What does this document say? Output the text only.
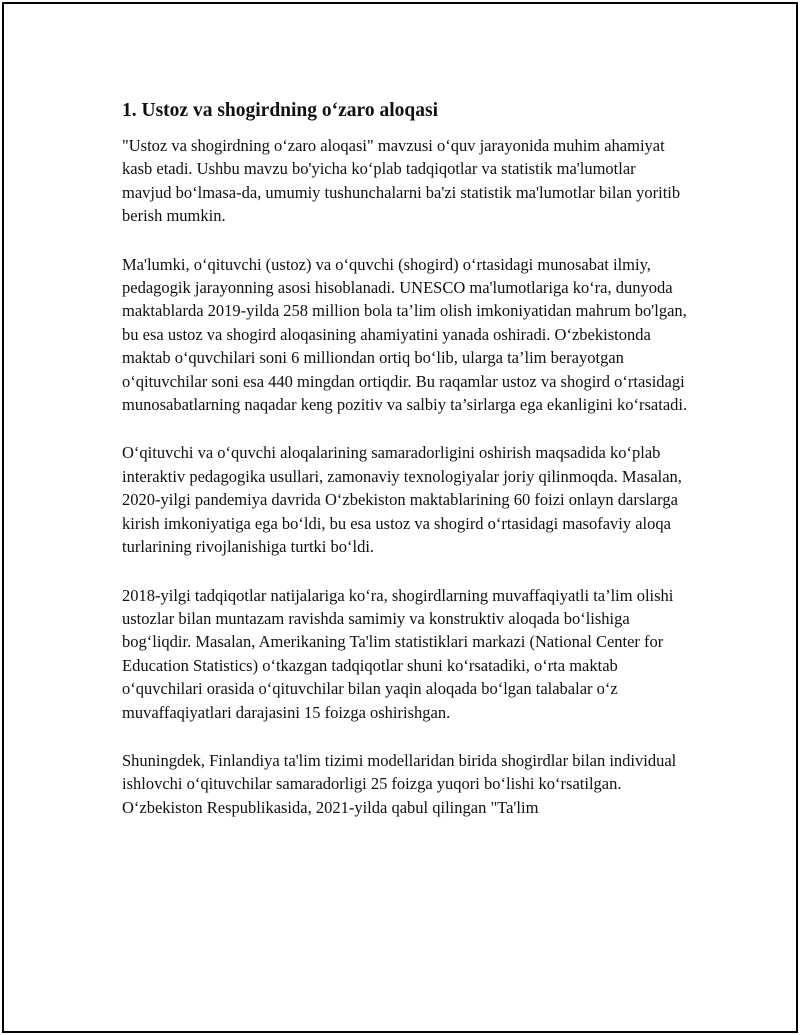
1. Ustoz va shogirdning o‘zaro aloqasi

"Ustoz va shogirdning o‘zaro aloqasi" mavzusi o‘quv jarayonida muhim ahamiyat kasb etadi. Ushbu mavzu bo'yicha ko‘plab tadqiqotlar va statistik ma'lumotlar mavjud bo‘lmasa-da, umumiy tushunchalarni ba'zi statistik ma'lumotlar bilan yoritib berish mumkin.

Ma'lumki, o‘qituvchi (ustoz) va o‘quvchi (shogird) o‘rtasidagi munosabat ilmiy, pedagogik jarayonning asosi hisoblanadi. UNESCO ma'lumotlariga ko‘ra, dunyoda maktablarda 2019-yilda 258 million bola ta’lim olish imkoniyatidan mahrum bo'lgan, bu esa ustoz va shogird aloqasining ahamiyatini yanada oshiradi. O‘zbekistonda maktab o‘quvchilari soni 6 milliondan ortiq bo‘lib, ularga ta’lim berayotgan o‘qituvchilar soni esa 440 mingdan ortiqdir. Bu raqamlar ustoz va shogird o‘rtasidagi munosabatlarning naqadar keng pozitiv va salbiy ta’sirlarga ega ekanligini ko‘rsatadi.

O‘qituvchi va o‘quvchi aloqalarining samaradorligini oshirish maqsadida ko‘plab interaktiv pedagogika usullari, zamonaviy texnologiyalar joriy qilinmoqda. Masalan, 2020-yilgi pandemiya davrida O‘zbekiston maktablarining 60 foizi onlayn darslarga kirish imkoniyatiga ega bo‘ldi, bu esa ustoz va shogird o‘rtasidagi masofaviy aloqa turlarining rivojlanishiga turtki bo‘ldi.

2018-yilgi tadqiqotlar natijalariga ko‘ra, shogirdlarning muvaffaqiyatli ta’lim olishi ustozlar bilan muntazam ravishda samimiy va konstruktiv aloqada bo‘lishiga bog‘liqdir. Masalan, Amerikaning Ta'lim statistiklari markazi (National Center for Education Statistics) o‘tkazgan tadqiqotlar shuni ko‘rsatadiki, o‘rta maktab o‘quvchilari orasida o‘qituvchilar bilan yaqin aloqada bo‘lgan talabalar o‘z muvaffaqiyatlari darajasini 15 foizga oshirishgan.

Shuningdek, Finlandiya ta'lim tizimi modellaridan birida shogirdlar bilan individual ishlovchi o‘qituvchilar samaradorligi 25 foizga yuqori bo‘lishi ko‘rsatilgan. O‘zbekiston Respublikasida, 2021-yilda qabul qilingan "Ta'lim
